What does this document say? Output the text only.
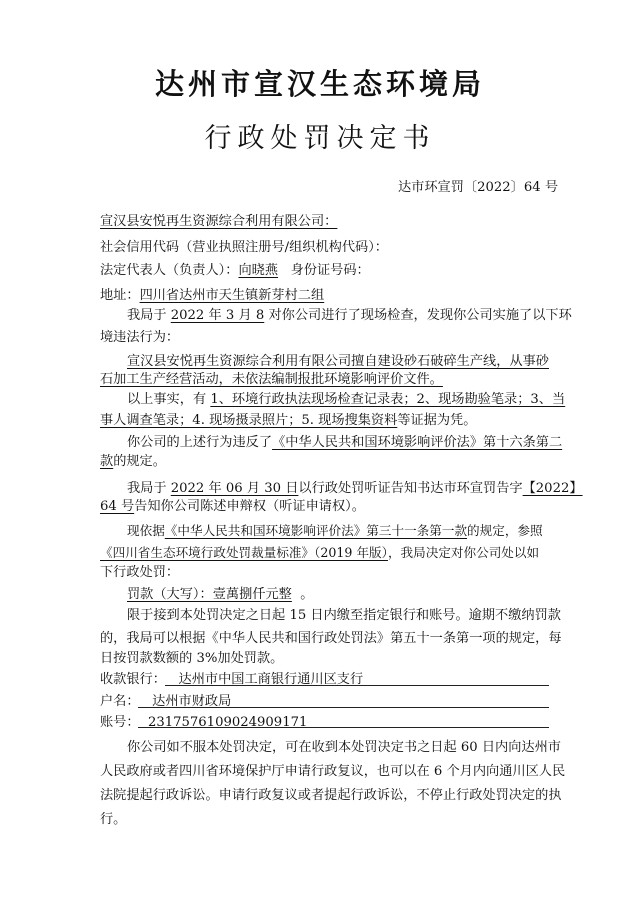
达州市宣汉生态环境局
行政处罚决定书
达市环宣罚〔2022〕64 号
宣汉县安悦再生资源综合利用有限公司：
社会信用代码（营业执照注册号/组织机构代码）：
法定代表人（负责人）：向晓燕 身份证号码：
地址：四川省达州市天生镇新芽村二组
我局于 2022 年 3 月 8 对你公司进行了现场检查，发现你公司实施了以下环
境违法行为：
宣汉县安悦再生资源综合利用有限公司擅自建设砂石破碎生产线，从事砂
石加工生产经营活动，未依法编制报批环境影响评价文件。
以上事实，有 1、环境行政执法现场检查记录表；2、现场勘验笔录；3、当
事人调查笔录；4. 现场摄录照片；5. 现场搜集资料等证据为凭。
你公司的上述行为违反了《中华人民共和国环境影响评价法》第十六条第二
款的规定。
我局于 2022 年 06 月 30 日以行政处罚听证告知书达市环宣罚告字【2022】
64 号告知你公司陈述申辩权（听证申请权）。
现依据《中华人民共和国环境影响评价法》第三十一条第一款的规定，参照
《四川省生态环境行政处罚裁量标准》（2019 年版），我局决定对你公司处以如
下行政处罚：
罚款（大写）：壹萬捌仟元整 。
限于接到本处罚决定之日起 15 日内缴至指定银行和账号。逾期不缴纳罚款
的，我局可以根据《中华人民共和国行政处罚法》第五十一条第一项的规定，每
日按罚款数额的 3%加处罚款。
收款银行： 达州市中国工商银行通川区支行
户名： 达州市财政局
账号： 2317576109024909171
你公司如不服本处罚决定，可在收到本处罚决定书之日起 60 日内向达州市
人民政府或者四川省环境保护厅申请行政复议，也可以在 6 个月内向通川区人民
法院提起行政诉讼。申请行政复议或者提起行政诉讼，不停止行政处罚决定的执
行。
